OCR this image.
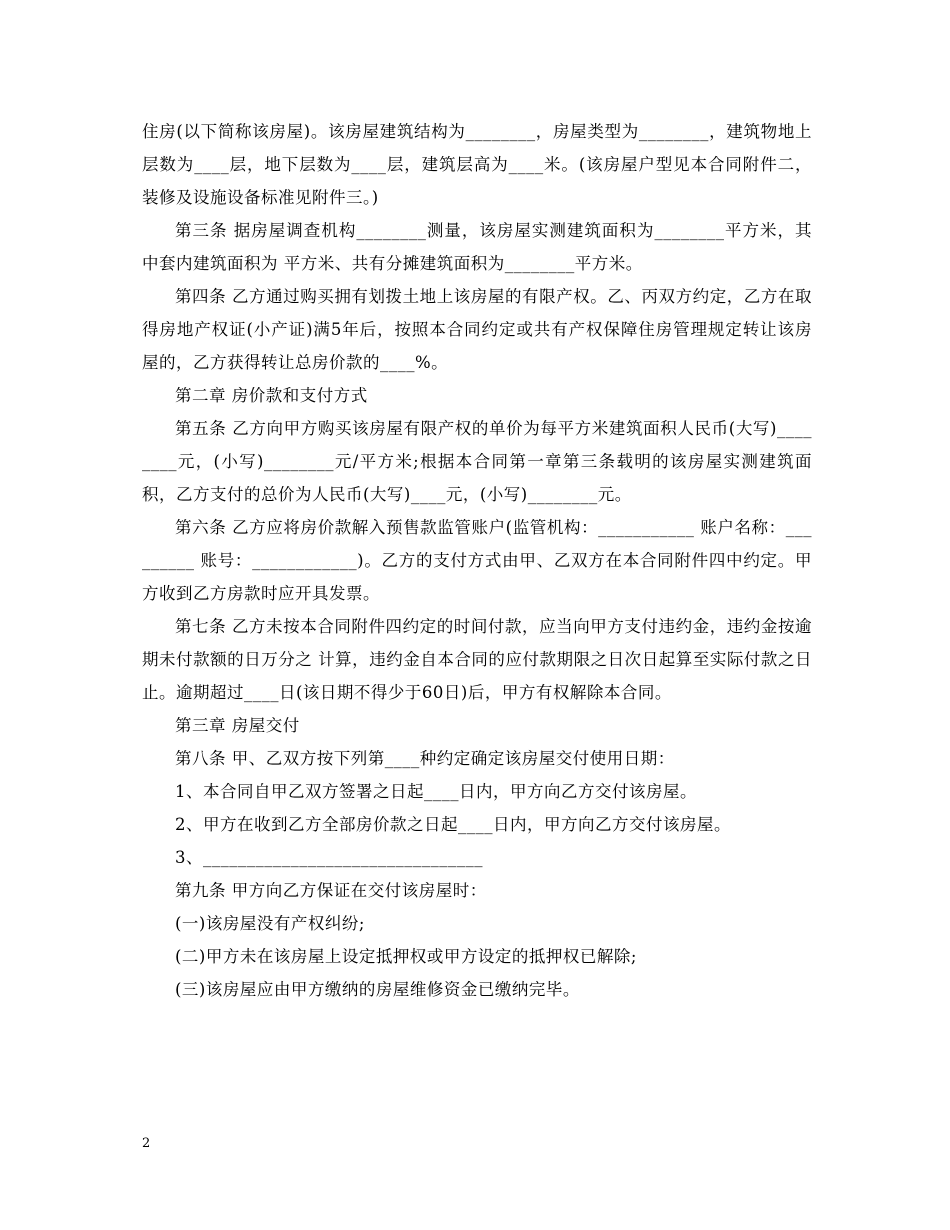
住房(以下简称该房屋)。该房屋建筑结构为________，房屋类型为________，建筑物地上层数为____层，地下层数为____层，建筑层高为____米。(该房屋户型见本合同附件二，装修及设施设备标准见附件三。)

第三条 据房屋调查机构________测量，该房屋实测建筑面积为________平方米，其中套内建筑面积为 平方米、共有分摊建筑面积为________平方米。

第四条 乙方通过购买拥有划拨土地上该房屋的有限产权。乙、丙双方约定，乙方在取得房地产权证(小产证)满5年后，按照本合同约定或共有产权保障住房管理规定转让该房屋的，乙方获得转让总房价款的____%。

第二章 房价款和支付方式

第五条 乙方向甲方购买该房屋有限产权的单价为每平方米建筑面积人民币(大写)________元，(小写)________元/平方米;根据本合同第一章第三条载明的该房屋实测建筑面积，乙方支付的总价为人民币(大写)____元，(小写)________元。

第六条 乙方应将房价款解入预售款监管账户(监管机构：___________ 账户名称：_________ 账号：____________)。乙方的支付方式由甲、乙双方在本合同附件四中约定。甲方收到乙方房款时应开具发票。

第七条 乙方未按本合同附件四约定的时间付款，应当向甲方支付违约金，违约金按逾期未付款额的日万分之 计算，违约金自本合同的应付款期限之日次日起算至实际付款之日止。逾期超过____日(该日期不得少于60日)后，甲方有权解除本合同。

第三章 房屋交付

第八条 甲、乙双方按下列第____种约定确定该房屋交付使用日期：

1、本合同自甲乙双方签署之日起____日内，甲方向乙方交付该房屋。

2、甲方在收到乙方全部房价款之日起____日内，甲方向乙方交付该房屋。

3、________________________________

第九条 甲方向乙方保证在交付该房屋时：

(一)该房屋没有产权纠纷;

(二)甲方未在该房屋上设定抵押权或甲方设定的抵押权已解除;

(三)该房屋应由甲方缴纳的房屋维修资金已缴纳完毕。

2
